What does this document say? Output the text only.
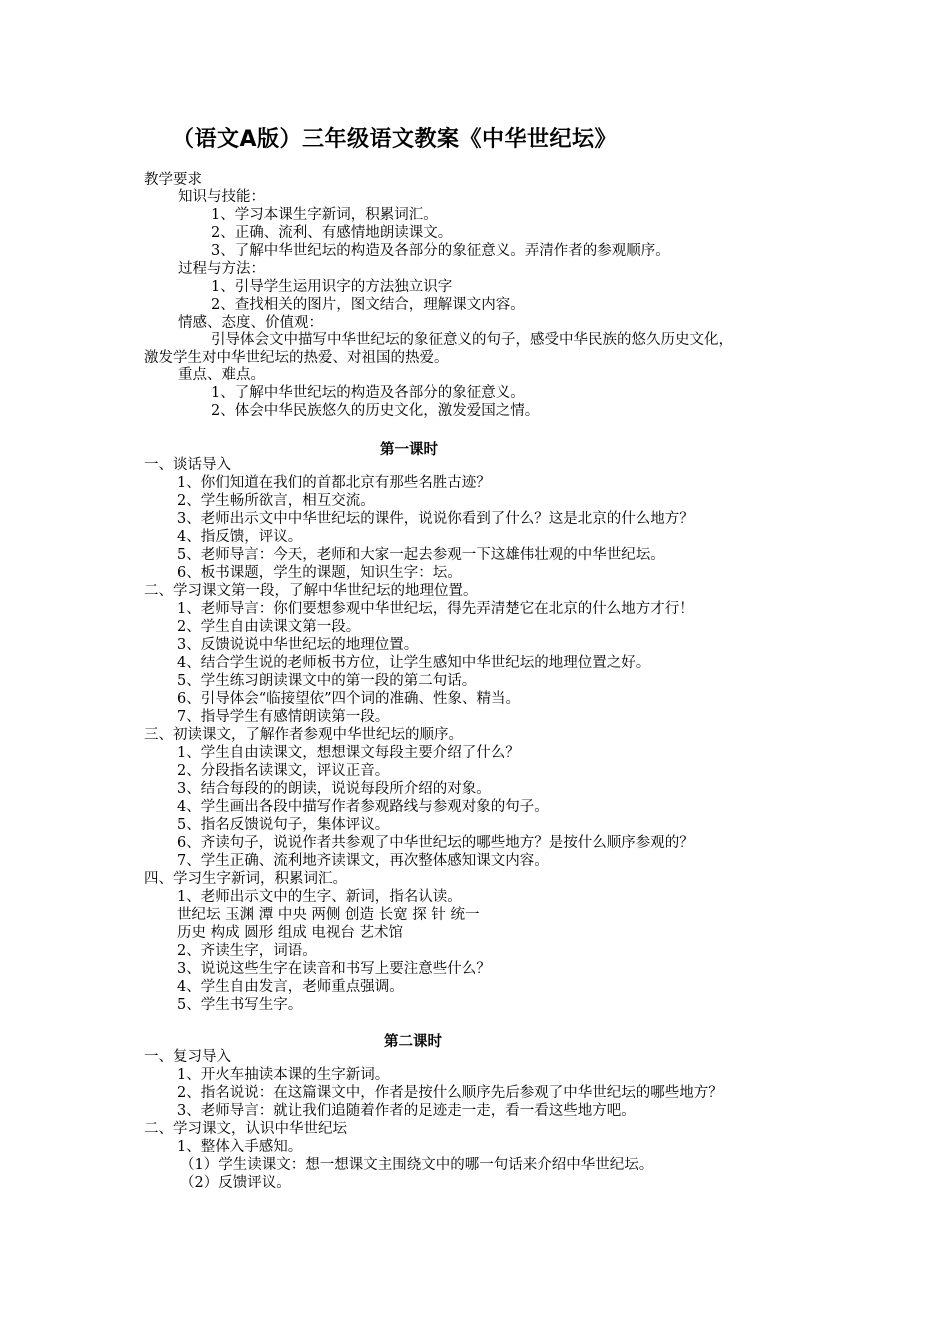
（语文A版）三年级语文教案《中华世纪坛》
教学要求
知识与技能：
1、学习本课生字新词，积累词汇。
2、正确、流利、有感情地朗读课文。
3、了解中华世纪坛的构造及各部分的象征意义。弄清作者的参观顺序。
过程与方法：
1、引导学生运用识字的方法独立识字
2、查找相关的图片，图文结合，理解课文内容。
情感、态度、价值观：
引导体会文中描写中华世纪坛的象征意义的句子，感受中华民族的悠久历史文化，
激发学生对中华世纪坛的热爱、对祖国的热爱。
重点、难点。
1、了解中华世纪坛的构造及各部分的象征意义。
2、体会中华民族悠久的历史文化，激发爱国之情。
第一课时
一、谈话导入
1、你们知道在我们的首都北京有那些名胜古迹？
2、学生畅所欲言，相互交流。
3、老师出示文中中华世纪坛的课件，说说你看到了什么？这是北京的什么地方？
4、指反馈，评议。
5、老师导言：今天，老师和大家一起去参观一下这雄伟壮观的中华世纪坛。
6、板书课题，学生的课题，知识生字：坛。
二、学习课文第一段，了解中华世纪坛的地理位置。
1、老师导言：你们要想参观中华世纪坛，得先弄清楚它在北京的什么地方才行！
2、学生自由读课文第一段。
3、反馈说说中华世纪坛的地理位置。
4、结合学生说的老师板书方位，让学生感知中华世纪坛的地理位置之好。
5、学生练习朗读课文中的第一段的第二句话。
6、引导体会“临接望依”四个词的准确、性象、精当。
7、指导学生有感情朗读第一段。
三、初读课文，了解作者参观中华世纪坛的顺序。
1、学生自由读课文，想想课文每段主要介绍了什么？
2、分段指名读课文，评议正音。
3、结合每段的的朗读，说说每段所介绍的对象。
4、学生画出各段中描写作者参观路线与参观对象的句子。
5、指名反馈说句子，集体评议。
6、齐读句子，说说作者共参观了中华世纪坛的哪些地方？是按什么顺序参观的？
7、学生正确、流利地齐读课文，再次整体感知课文内容。
四、学习生字新词，积累词汇。
1、老师出示文中的生字、新词，指名认读。
世纪坛 玉渊 潭 中央 两侧 创造 长宽 探 针 统一
历史 构成 圆形 组成 电视台 艺术馆
2、齐读生字，词语。
3、说说这些生字在读音和书写上要注意些什么？
4、学生自由发言，老师重点强调。
5、学生书写生字。
第二课时
一、复习导入
1、开火车抽读本课的生字新词。
2、指名说说：在这篇课文中，作者是按什么顺序先后参观了中华世纪坛的哪些地方？
3、老师导言：就让我们追随着作者的足迹走一走，看一看这些地方吧。
二、学习课文，认识中华世纪坛
1、整体入手感知。
（1）学生读课文：想一想课文主围绕文中的哪一句话来介绍中华世纪坛。
（2）反馈评议。
